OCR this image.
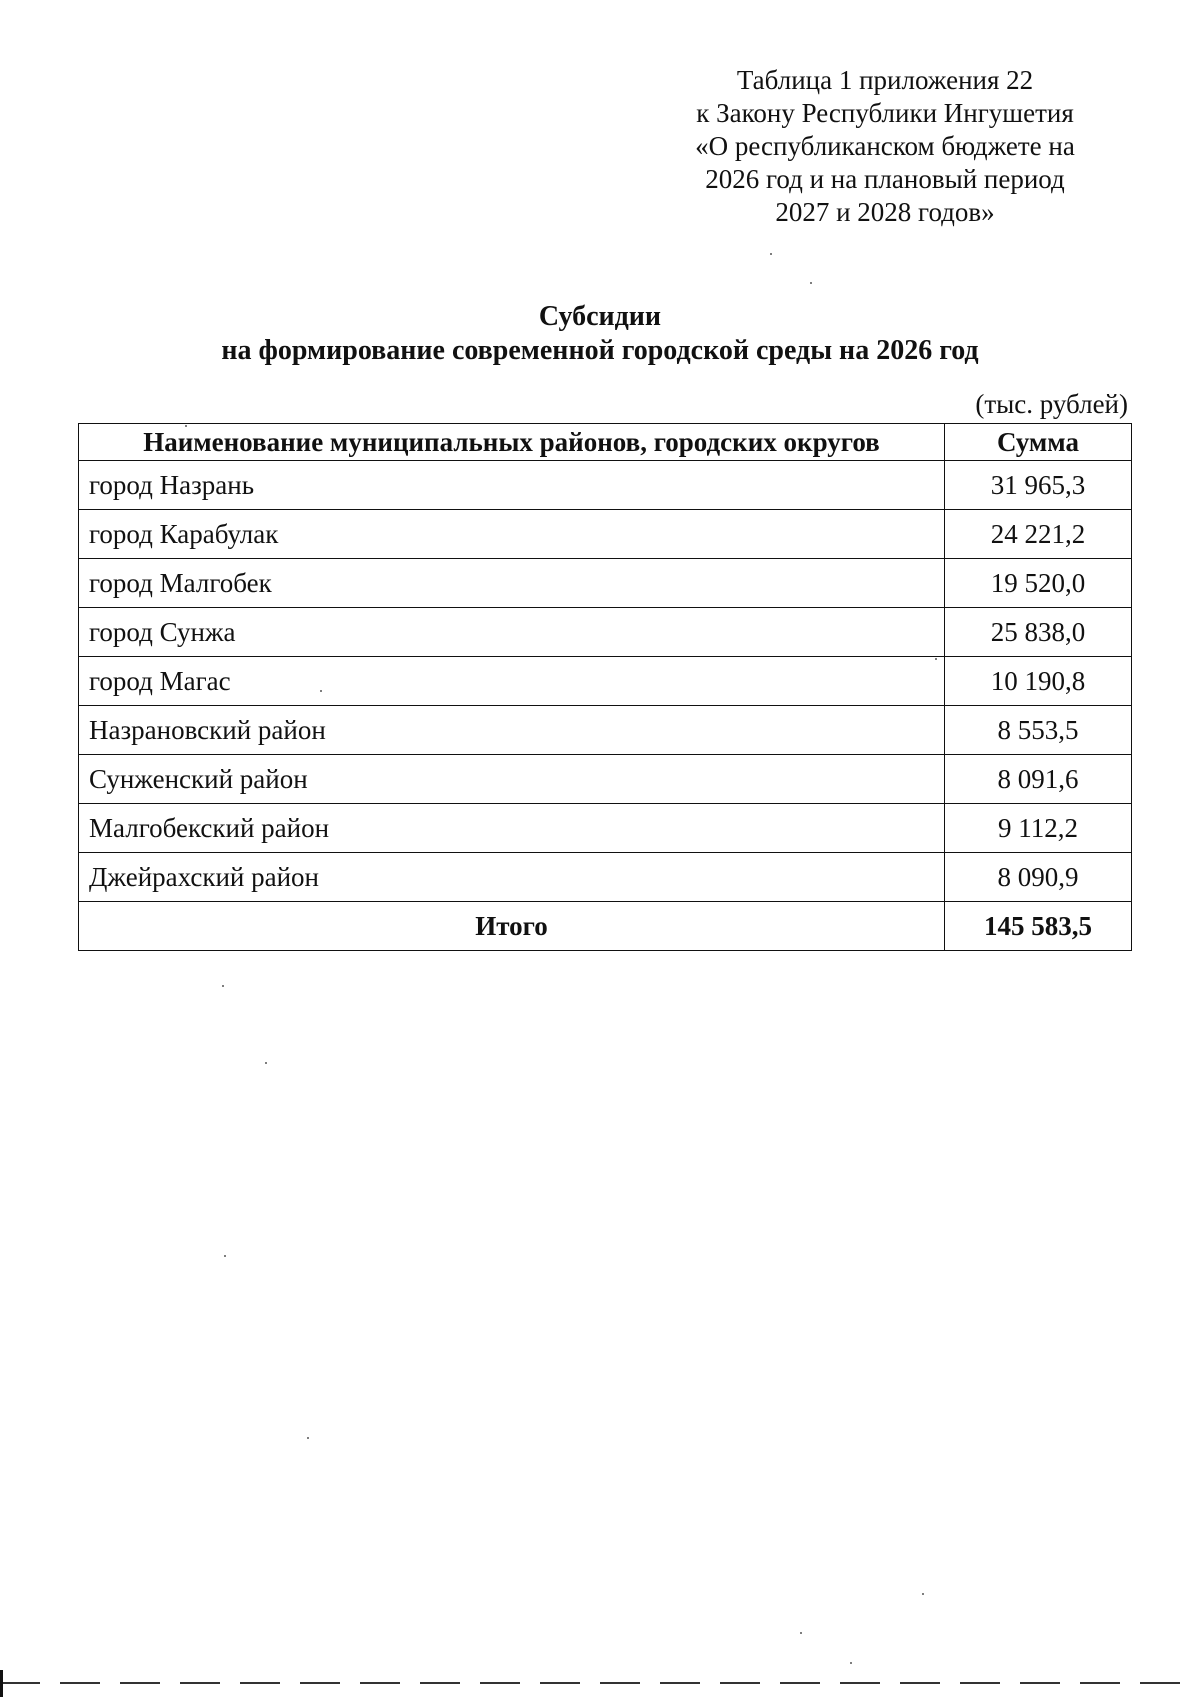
Таблица 1 приложения 22
к Закону Республики Ингушетия
«О республиканском бюджете на
2026 год и на плановый период
2027 и 2028 годов»
Субсидии
на формирование современной городской среды на 2026 год
(тыс. рублей)
Наименование муниципальных районов, городских округов	Сумма
город Назрань	31 965,3
город Карабулак	24 221,2
город Малгобек	19 520,0
город Сунжа	25 838,0
город Магас	10 190,8
Назрановский район	8 553,5
Сунженский район	8 091,6
Малгобекский район	9 112,2
Джейрахский район	8 090,9
Итого	145 583,5
